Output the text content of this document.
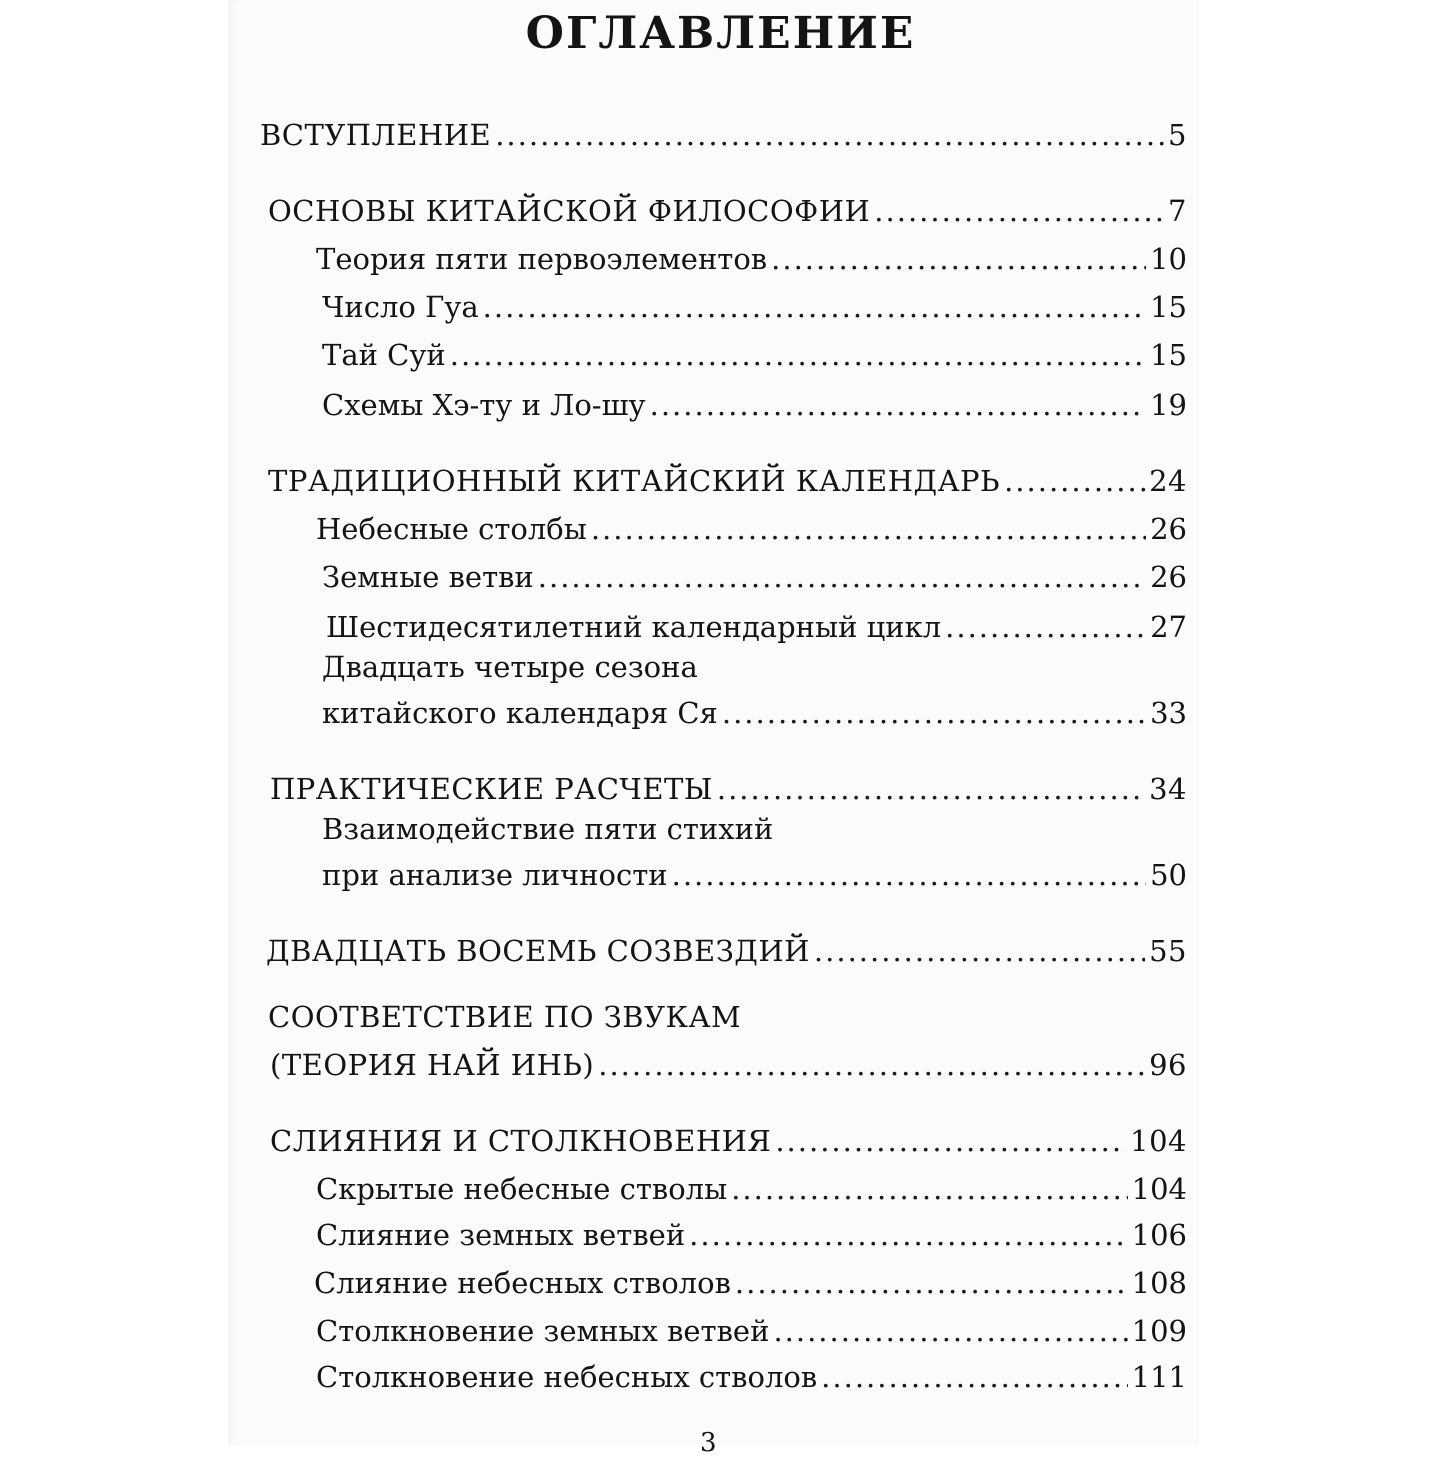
ОГЛАВЛЕНИЕ
ВСТУПЛЕНИЕ .....	5
ОСНОВЫ КИТАЙСКОЙ ФИЛОСОФИИ .....	7
Теория пяти первоэлементов .....	10
Число Гуа .....	15
Тай Суй .....	15
Схемы Хэ-ту и Ло-шу .....	19
ТРАДИЦИОННЫЙ КИТАЙСКИЙ КАЛЕНДАРЬ .....	24
Небесные столбы .....	26
Земные ветви .....	26
Шестидесятилетний календарный цикл .....	27
Двадцать четыре сезона
китайского календаря Ся .....	33
ПРАКТИЧЕСКИЕ РАСЧЕТЫ .....	34
Взаимодействие пяти стихий
при анализе личности .....	50
ДВАДЦАТЬ ВОСЕМЬ СОЗВЕЗДИЙ .....	55
СООТВЕТСТВИЕ ПО ЗВУКАМ
(ТЕОРИЯ НАЙ ИНЬ) .....	96
СЛИЯНИЯ И СТОЛКНОВЕНИЯ .....	104
Скрытые небесные стволы .....	104
Слияние земных ветвей .....	106
Слияние небесных стволов .....	108
Столкновение земных ветвей .....	109
Столкновение небесных стволов .....	111
3
